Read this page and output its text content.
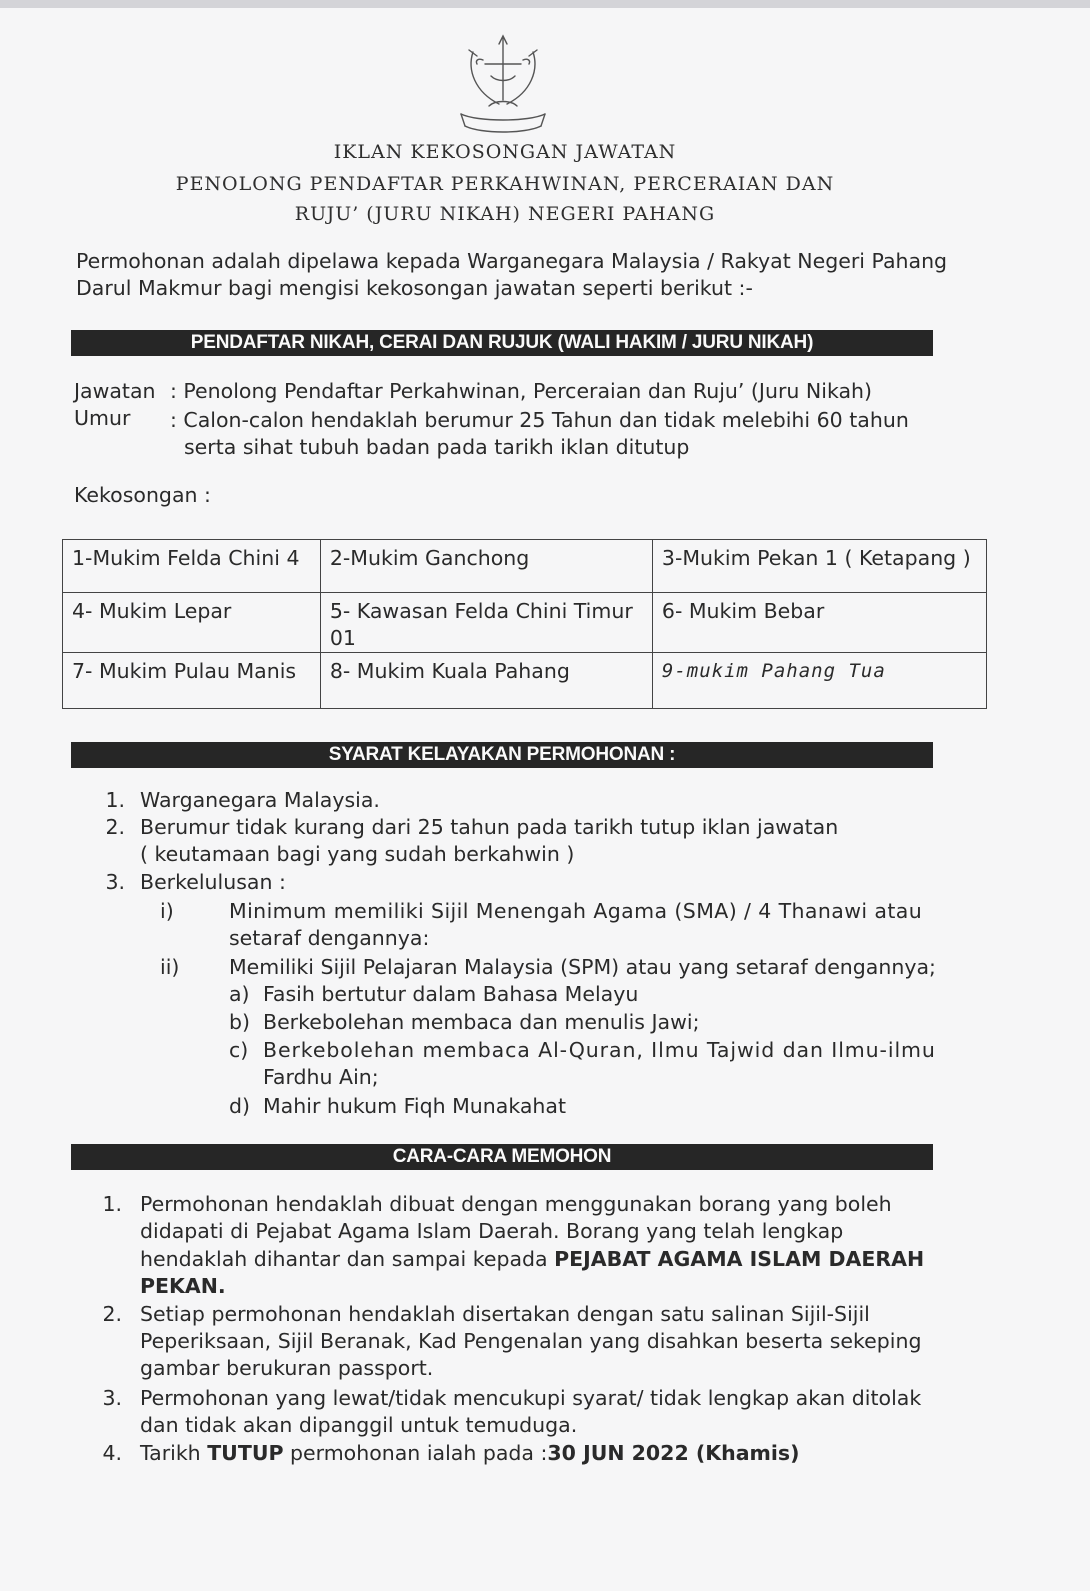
IKLAN KEKOSONGAN JAWATAN
PENOLONG PENDAFTAR PERKAHWINAN, PERCERAIAN DAN
RUJU’ (JURU NIKAH) NEGERI PAHANG
Permohonan adalah dipelawa kepada Warganegara Malaysia / Rakyat Negeri Pahang
Darul Makmur bagi mengisi kekosongan jawatan seperti berikut :-
PENDAFTAR NIKAH, CERAI DAN RUJUK (WALI HAKIM / JURU NIKAH)
Jawatan : Penolong Pendaftar Perkahwinan, Perceraian dan Ruju’ (Juru Nikah)
Umur : Calon-calon hendaklah berumur 25 Tahun dan tidak melebihi 60 tahun
serta sihat tubuh badan pada tarikh iklan ditutup
Kekosongan :
1-Mukim Felda Chini 4	2-Mukim Ganchong	3-Mukim Pekan 1 ( Ketapang )
4- Mukim Lepar	5- Kawasan Felda Chini Timur 01	6- Mukim Bebar
7- Mukim Pulau Manis	8- Mukim Kuala Pahang	9-mukim Pahang Tua
SYARAT KELAYAKAN PERMOHONAN :
1. Warganegara Malaysia.
2. Berumur tidak kurang dari 25 tahun pada tarikh tutup iklan jawatan
( keutamaan bagi yang sudah berkahwin )
3. Berkelulusan :
i)	Minimum memiliki Sijil Menengah Agama (SMA) / 4 Thanawi atau
setaraf dengannya:
ii) Memiliki Sijil Pelajaran Malaysia (SPM) atau yang setaraf dengannya;
a) Fasih bertutur dalam Bahasa Melayu
b) Berkebolehan membaca dan menulis Jawi;
c) Berkebolehan membaca Al-Quran, Ilmu Tajwid dan Ilmu-ilmu
Fardhu Ain;
d) Mahir hukum Fiqh Munakahat
CARA-CARA MEMOHON
1. Permohonan hendaklah dibuat dengan menggunakan borang yang boleh
didapati di Pejabat Agama Islam Daerah. Borang yang telah lengkap
hendaklah dihantar dan sampai kepada PEJABAT AGAMA ISLAM DAERAH
PEKAN.
2. Setiap permohonan hendaklah disertakan dengan satu salinan Sijil-Sijil
Peperiksaan, Sijil Beranak, Kad Pengenalan yang disahkan beserta sekeping
gambar berukuran passport.
3. Permohonan yang lewat/tidak mencukupi syarat/ tidak lengkap akan ditolak
dan tidak akan dipanggil untuk temuduga.
4. Tarikh TUTUP permohonan ialah pada :30 JUN 2022 (Khamis)
